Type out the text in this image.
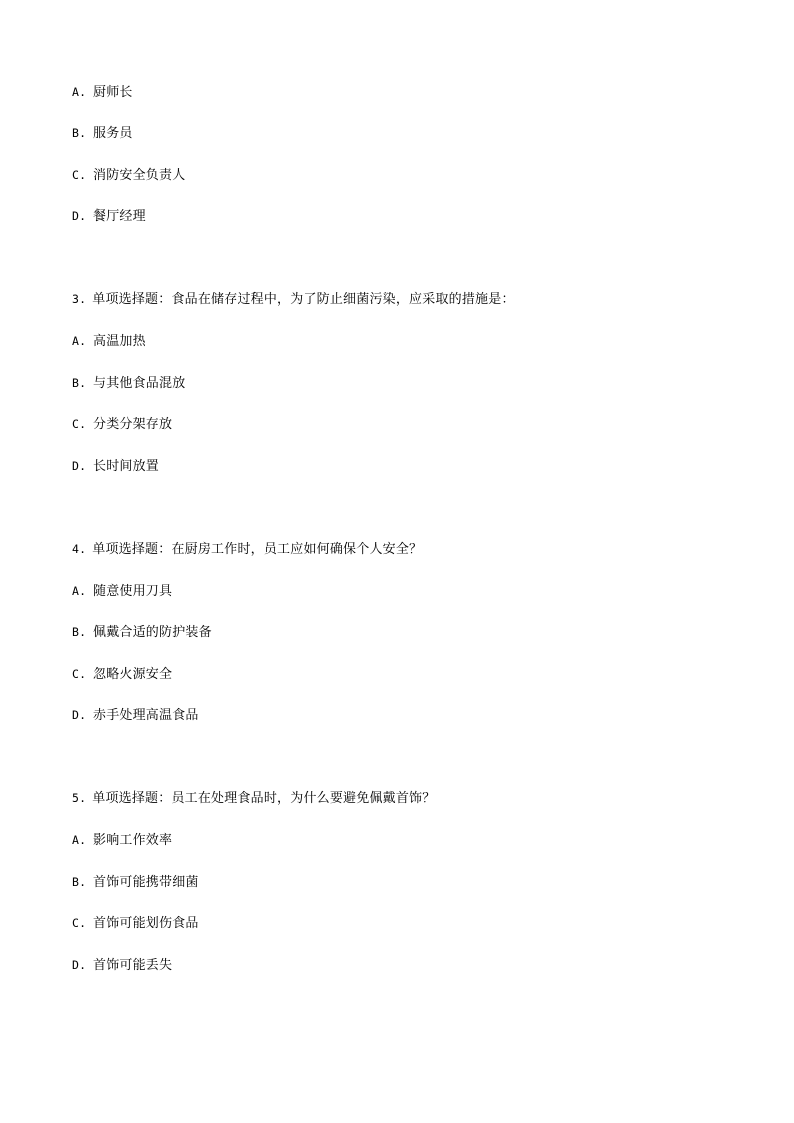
A. 厨师长
B. 服务员
C. 消防安全负责人
D. 餐厅经理
3. 单项选择题：食品在储存过程中，为了防止细菌污染，应采取的措施是：
A. 高温加热
B. 与其他食品混放
C. 分类分架存放
D. 长时间放置
4. 单项选择题：在厨房工作时，员工应如何确保个人安全？
A. 随意使用刀具
B. 佩戴合适的防护装备
C. 忽略火源安全
D. 赤手处理高温食品
5. 单项选择题：员工在处理食品时，为什么要避免佩戴首饰？
A. 影响工作效率
B. 首饰可能携带细菌
C. 首饰可能划伤食品
D. 首饰可能丢失
